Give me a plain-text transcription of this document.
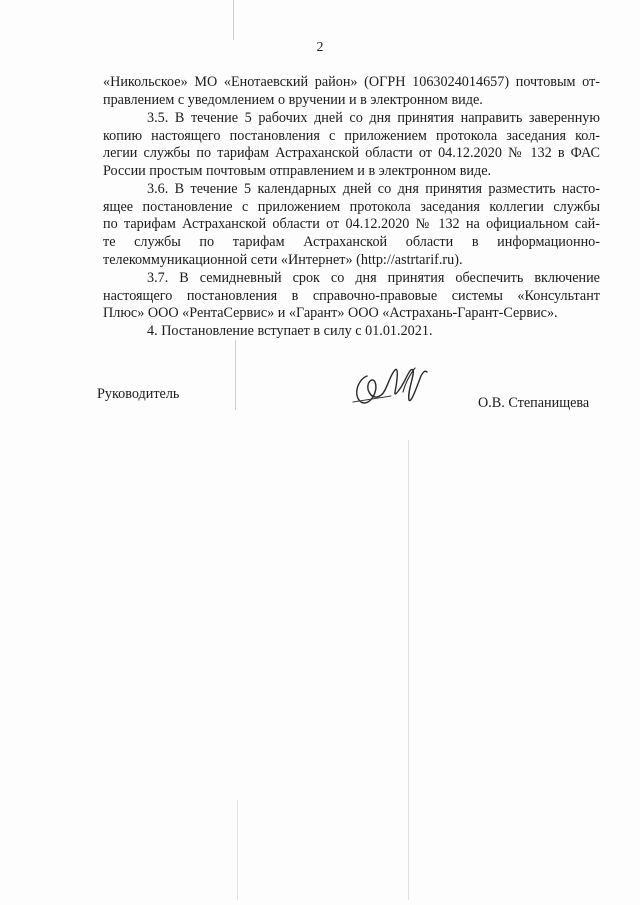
2
«Никольское» МО «Енотаевский район» (ОГРН 1063024014657) почтовым от-
правлением с уведомлением о вручении и в электронном виде.
3.5. В течение 5 рабочих дней со дня принятия направить заверенную
копию настоящего постановления с приложением протокола заседания кол-
легии службы по тарифам Астраханской области от 04.12.2020 № 132 в ФАС
России простым почтовым отправлением и в электронном виде.
3.6. В течение 5 календарных дней со дня принятия разместить насто-
ящее постановление с приложением протокола заседания коллегии службы
по тарифам Астраханской области от 04.12.2020 № 132 на официальном сай-
те службы по тарифам Астраханской области в информационно-
телекоммуникационной сети «Интернет» (http://astrtarif.ru).
3.7. В семидневный срок со дня принятия обеспечить включение
настоящего постановления в справочно-правовые системы «Консультант
Плюс» ООО «РентаСервис» и «Гарант» ООО «Астрахань-Гарант-Сервис».
4. Постановление вступает в силу с 01.01.2021.
Руководитель
О.В. Степанищева
